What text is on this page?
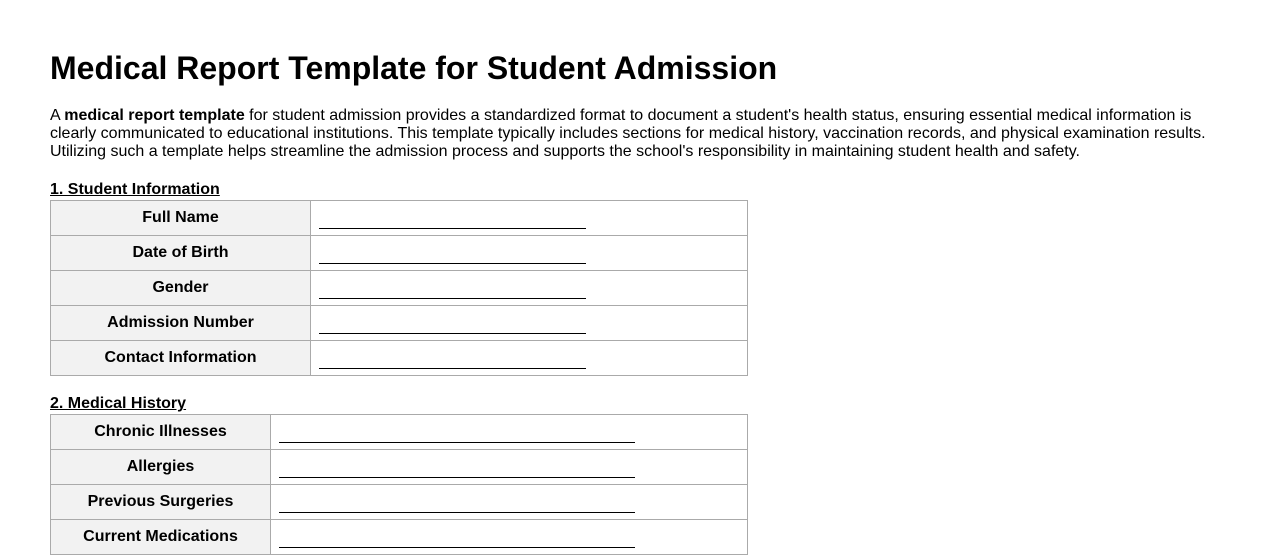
Medical Report Template for Student Admission

A medical report template for student admission provides a standardized format to document a student's health status, ensuring essential medical information is clearly communicated to educational institutions. This template typically includes sections for medical history, vaccination records, and physical examination results. Utilizing such a template helps streamline the admission process and supports the school's responsibility in maintaining student health and safety.

1. Student Information
Full Name	

Date of Birth	

Gender	

Admission Number	

Contact Information	
2. Medical History
Chronic Illnesses	

Allergies	

Previous Surgeries	

Current Medications	
